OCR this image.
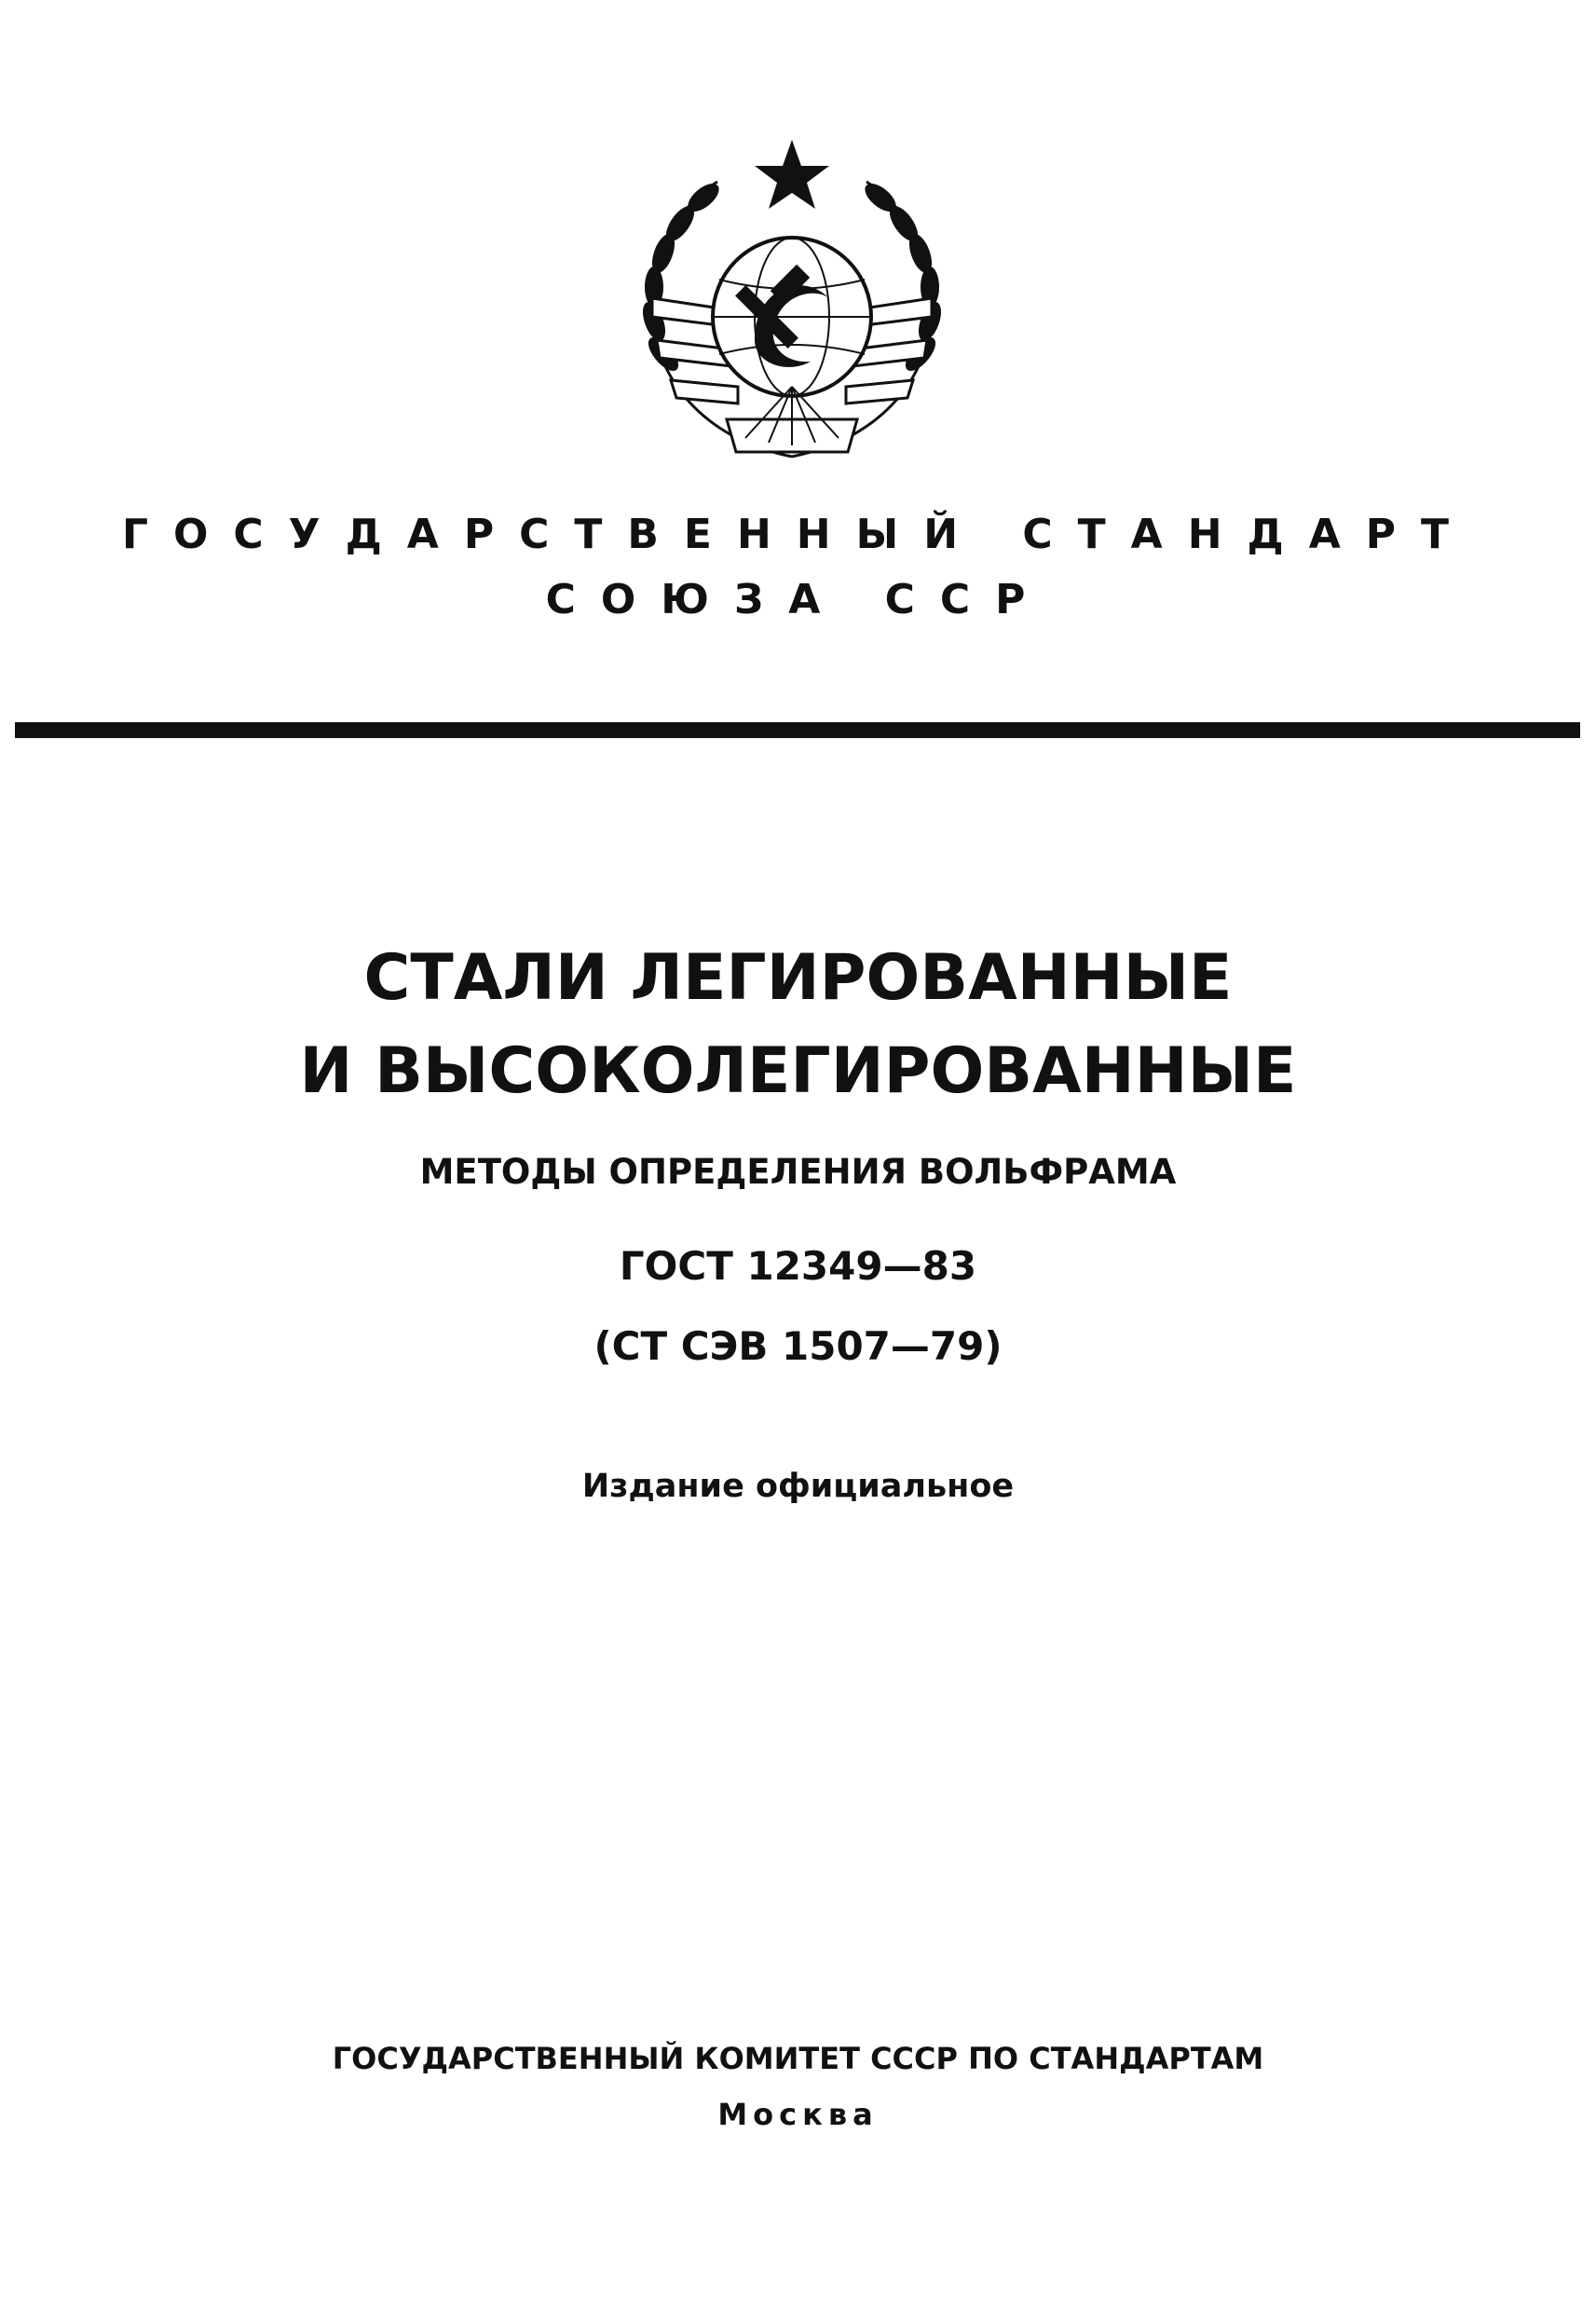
ГОСУДАРСТВЕННЫЙ СТАНДАРТ
СОЮЗА ССР
СТАЛИ ЛЕГИРОВАННЫЕ
И ВЫСОКОЛЕГИРОВАННЫЕ
МЕТОДЫ ОПРЕДЕЛЕНИЯ ВОЛЬФРАМА
ГОСТ 12349—83
(СТ СЭВ 1507—79)
Издание официальное
ГОСУДАРСТВЕННЫЙ КОМИТЕТ СССР ПО СТАНДАРТАМ
Москва
